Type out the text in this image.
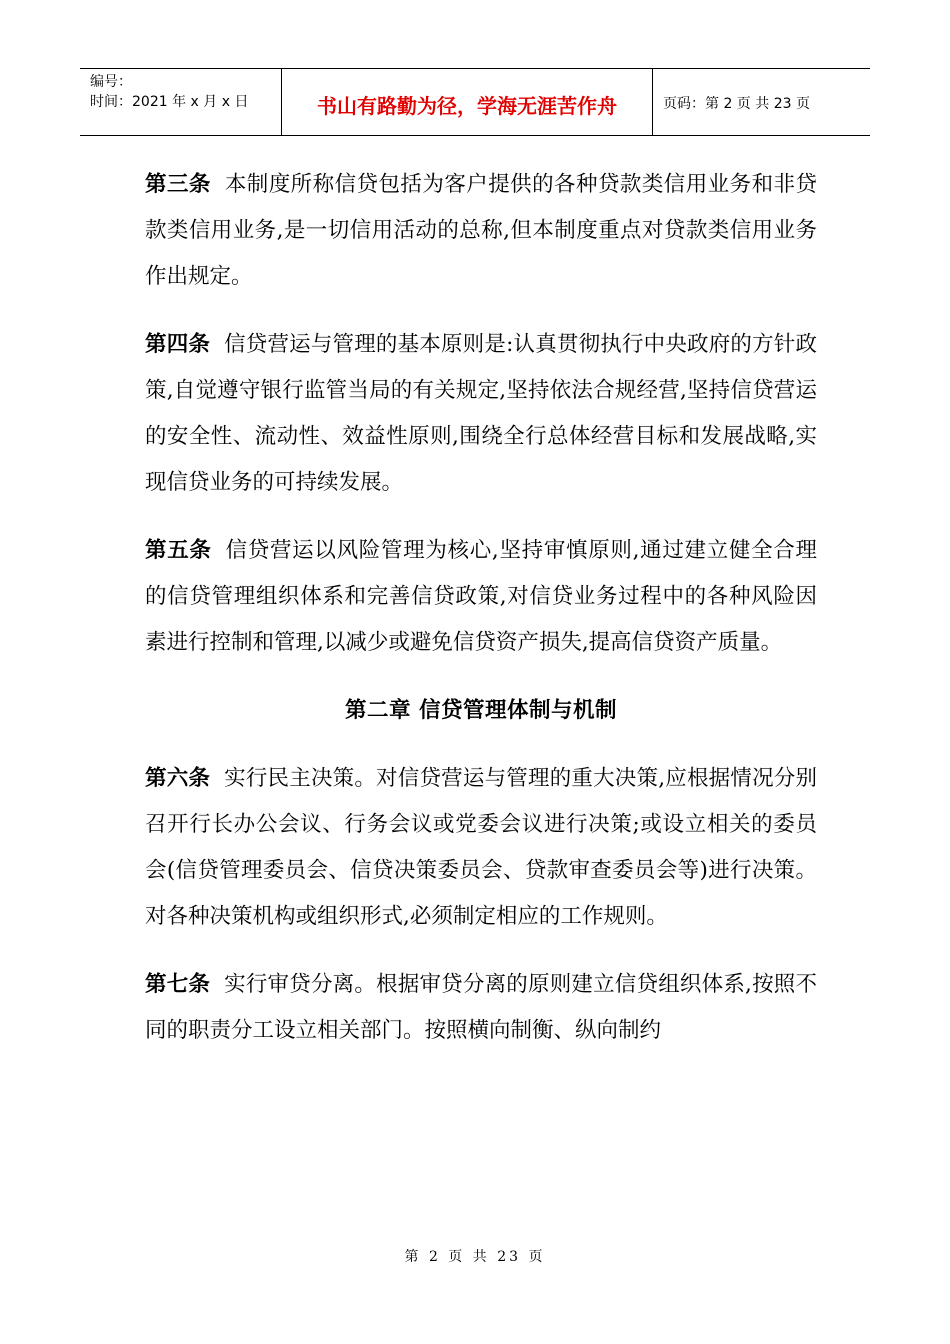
编号：
时间：2021 年 x 月 x 日	书山有路勤为径，学海无涯苦作舟	页码：第 2 页 共 23 页

第三条 本制度所称信贷包括为客户提供的各种贷款类信用业务和非贷款类信用业务,是一切信用活动的总称,但本制度重点对贷款类信用业务作出规定。

第四条 信贷营运与管理的基本原则是:认真贯彻执行中央政府的方针政策,自觉遵守银行监管当局的有关规定,坚持依法合规经营,坚持信贷营运的安全性、流动性、效益性原则,围绕全行总体经营目标和发展战略,实现信贷业务的可持续发展。

第五条 信贷营运以风险管理为核心,坚持审慎原则,通过建立健全合理的信贷管理组织体系和完善信贷政策,对信贷业务过程中的各种风险因素进行控制和管理,以减少或避免信贷资产损失,提高信贷资产质量。

第二章 信贷管理体制与机制

第六条 实行民主决策。对信贷营运与管理的重大决策,应根据情况分别召开行长办公会议、行务会议或党委会议进行决策;或设立相关的委员会(信贷管理委员会、信贷决策委员会、贷款审查委员会等)进行决策。对各种决策机构或组织形式,必须制定相应的工作规则。

第七条 实行审贷分离。根据审贷分离的原则建立信贷组织体系,按照不同的职责分工设立相关部门。按照横向制衡、纵向制约

第 2 页 共 23 页
